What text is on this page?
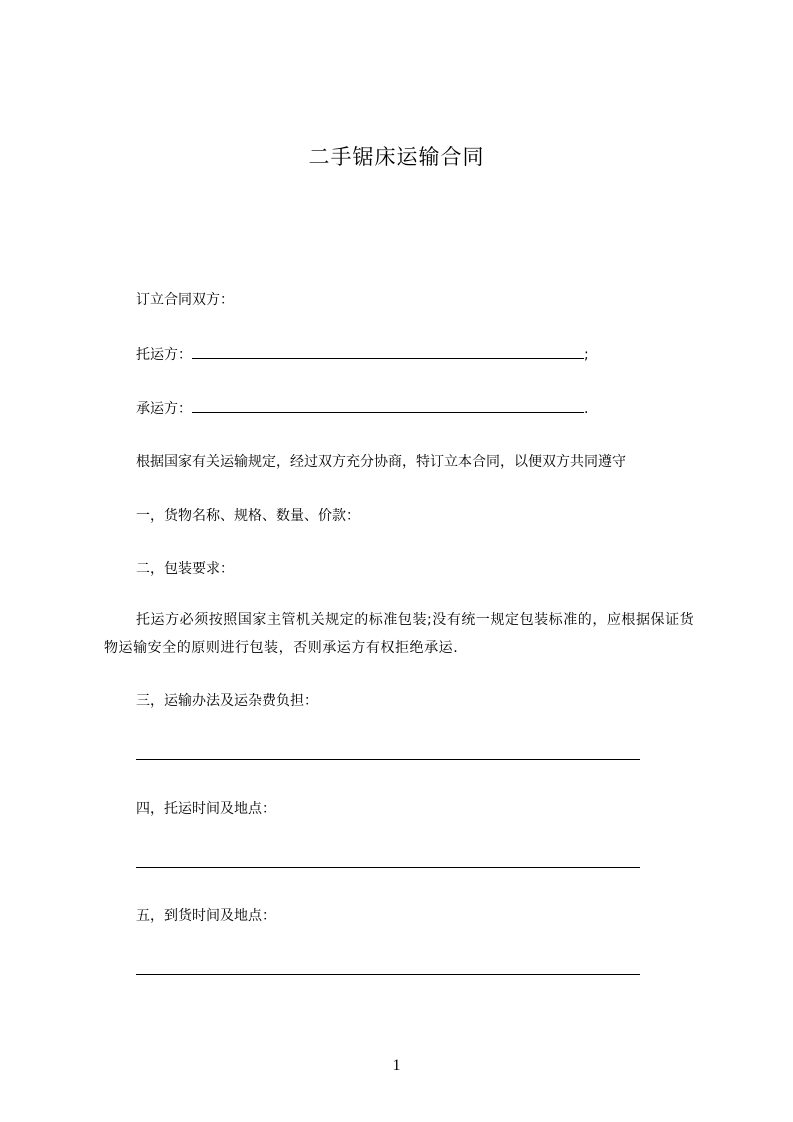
二手锯床运输合同
订立合同双方：
托运方：	;
承运方：	.
根据国家有关运输规定，经过双方充分协商，特订立本合同，以便双方共同遵守
一，货物名称、规格、数量、价款：
二，包装要求：
托运方必须按照国家主管机关规定的标准包装;没有统一规定包装标准的，应根据保证货物运输安全的原则进行包装，否则承运方有权拒绝承运.
三，运输办法及运杂费负担：
四，托运时间及地点：
五，到货时间及地点：
1
